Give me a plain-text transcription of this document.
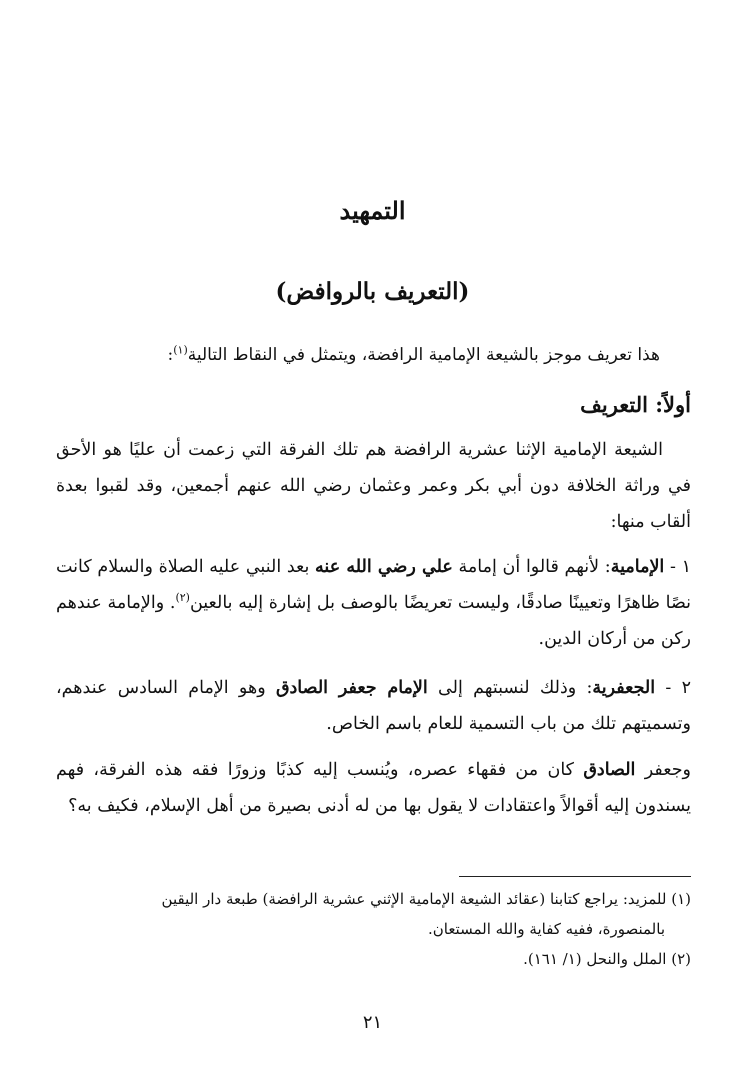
التمهيد
(التعريف بالروافض)

هذا تعريف موجز بالشيعة الإمامية الرافضة، ويتمثل في النقاط التالية$^{(١)}$:

أولاً: التعريف

الشيعة الإمامية الإثنا عشرية الرافضة هم تلك الفرقة التي زعمت أن عليًا هو الأحق في وراثة الخلافة دون أبي بكر وعمر وعثمان رضي الله عنهم أجمعين، وقد لقبوا بعدة ألقاب منها:

١ - الإمامية: لأنهم قالوا أن إمامة علي رضي الله عنه بعد النبي عليه الصلاة والسلام كانت نصًا ظاهرًا وتعيينًا صادقًا، وليست تعريضًا بالوصف بل إشارة إليه بالعين$^{(٢)}$. والإمامة عندهم ركن من أركان الدين.

٢ - الجعفرية: وذلك لنسبتهم إلى الإمام جعفر الصادق وهو الإمام السادس عندهم، وتسميتهم تلك من باب التسمية للعام باسم الخاص.

وجعفر الصادق كان من فقهاء عصره، ويُنسب إليه كذبًا وزورًا فقه هذه الفرقة، فهم يسندون إليه أقوالاً واعتقادات لا يقول بها من له أدنى بصيرة من أهل الإسلام، فكيف به؟

(١) للمزيد: يراجع كتابنا (عقائد الشيعة الإمامية الإثني عشرية الرافضة) طبعة دار اليقين
بالمنصورة، ففيه كفاية والله المستعان.
(٢) الملل والنحل (١/ ١٦١).

٢١
